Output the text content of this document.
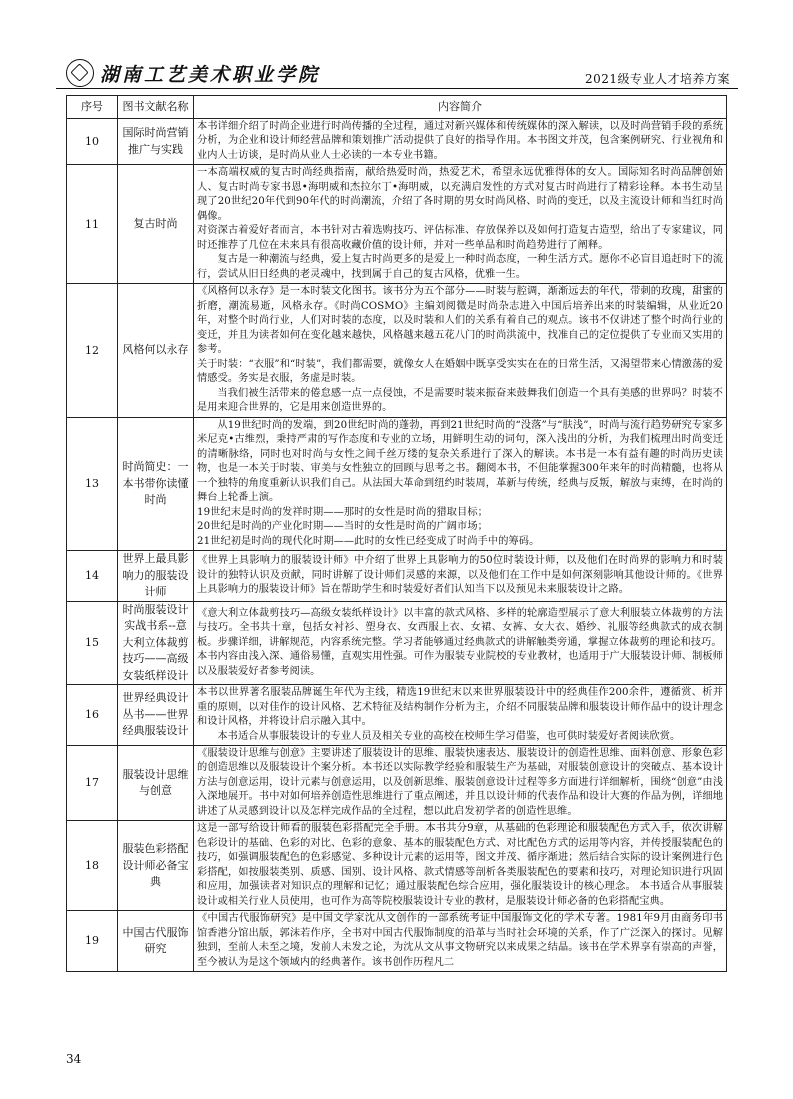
湖南工艺美术职业学院	2021级专业人才培养方案
序号	图书文献名称	内容简介
10	国际时尚营销推广与实践	本书详细介绍了时尚企业进行时尚传播的全过程，通过对新兴媒体和传统媒体的深入解读，以及时尚营销手段的系统分析，为企业和设计师经营品牌和策划推广活动提供了良好的指导作用。本书图文并茂，包含案例研究、行业视角和业内人士访谈，是时尚从业人士必读的一本专业书籍。

11	复古时尚	一本高端权威的复古时尚经典指南，献给热爱时尚，热爱艺术，希望永远优雅得体的女人。国际知名时尚品牌创始人、复古时尚专家书恩•海明威和杰拉尔丁•海明威，以充满启发性的方式对复古时尚进行了精彩诠释。本书生动呈现了20世纪20年代到90年代的时尚潮流，介绍了各时期的男女时尚风格、时尚的变迁，以及主流设计师和当红时尚偶像。

对资深古着爱好者而言，本书针对古着选购技巧、评估标准、存放保养以及如何打造复古造型，给出了专家建议，同时还推荐了几位在未来具有很高收藏价值的设计师，并对一些单品和时尚趋势进行了阐释。

复古是一种潮流与经典，爱上复古时尚更多的是爱上一种时尚态度，一种生活方式。愿你不必盲目追赶时下的流行，尝试从旧日经典的老灵魂中，找到属于自己的复古风格，优雅一生。

12	风格何以永存	《风格何以永存》是一本时装文化图书。该书分为五个部分——时装与腔调，渐渐远去的年代，带刺的玫瑰，甜蜜的折磨，潮流易逝，风格永存。《时尚COSMO》主编刘阅微是时尚杂志进入中国后培养出来的时装编辑，从业近20年，对整个时尚行业，人们对时装的态度，以及时装和人们的关系有着自己的观点。该书不仅讲述了整个时尚行业的变迁，并且为读者如何在变化越来越快，风格越来越五花八门的时尚洪流中，找准自己的定位提供了专业而又实用的参考。

关于时装：“衣服”和“时装”，我们都需要，就像女人在婚姻中既享受实实在在的日常生活，又渴望带来心情激荡的爱情感受。务实是衣服，务虚是时装。

当我们被生活带来的倦怠感一点一点侵蚀，不是需要时装来振奋来鼓舞我们创造一个具有美感的世界吗？时装不是用来迎合世界的，它是用来创造世界的。

13	时尚简史：一本书带你读懂时尚	从19世纪时尚的发端，到20世纪时尚的蓬勃，再到21世纪时尚的“没落”与“肤浅”，时尚与流行趋势研究专家多米尼克•古维烈，秉持严肃的写作态度和专业的立场，用鲜明生动的词句，深入浅出的分析，为我们梳理出时尚变迁的清晰脉络，同时也对时尚与女性之间千丝万缕的复杂关系进行了深入的解读。本书是一本有益有趣的时尚历史读物，也是一本关于时装、审美与女性独立的回顾与思考之书。翻阅本书，不但能掌握300年来年的时尚精髓，也将从一个独特的角度重新认识我们自己。从法国大革命到纽约时装周，革新与传统，经典与反叛，解放与束缚，在时尚的舞台上轮番上演。

19世纪末是时尚的发祥时期——那时的女性是时尚的猎取目标；

20世纪是时尚的产业化时期——当时的女性是时尚的广阔市场；

21世纪初是时尚的现代化时期——此时的女性已经变成了时尚手中的筹码。

14	世界上最具影响力的服装设计师	《世界上具影响力的服装设计师》中介绍了世界上具影响力的50位时装设计师，以及他们在时尚界的影响力和时装设计的独特认识及贡献，同时讲解了设计师们灵感的来源，以及他们在工作中是如何深刻影响其他设计师的。《世界上具影响力的服装设计师》旨在帮助学生和时装爱好者们认知当下以及预见未来服装设计之路。

15	时尚服装设计实战书系--意大利立体裁剪技巧——高级女装纸样设计	《意大利立体裁剪技巧—高级女装纸样设计》以丰富的款式风格、多样的轮廓造型展示了意大利服装立体裁剪的方法与技巧。全书共十章，包括女衬衫、塑身衣、女西服上衣、女裙、女裤、女大衣、婚纱、礼服等经典款式的成衣制板。步骤详细，讲解规范，内容系统完整。学习者能够通过经典款式的讲解触类旁通，掌握立体裁剪的理论和技巧。

本书内容由浅入深、通俗易懂，直观实用性强。可作为服装专业院校的专业教材，也适用于广大服装设计师、制板师以及服装爱好者参考阅读。

16	世界经典设计丛书——世界经典服装设计	本书以世界著名服装品牌诞生年代为主线，精选19世纪末以来世界服装设计中的经典佳作200余件，遵循赏、析并重的原则，以对佳作的设计风格、艺术特征及结构制作分析为主，介绍不同服装品牌和服装设计师作品中的设计理念和设计风格，并将设计启示融入其中。

本书适合从事服装设计的专业人员及相关专业的高校在校师生学习借鉴，也可供时装爱好者阅读欣赏。

17	服装设计思维与创意	《服装设计思维与创意》主要讲述了服装设计的思维、服装快速表达、服装设计的创造性思维、面料创意、形象色彩的创造思维以及服装设计个案分析。本书还以实际教学经验和服装生产为基础，对服装创意设计的突破点、基本设计方法与创意运用，设计元素与创意运用，以及创新思维、服装创意设计过程等多方面进行详细解析，围绕“创意”由浅入深地展开。书中对如何培养创造性思维进行了重点阐述，并且以设计师的代表作品和设计大赛的作品为例，详细地讲述了从灵感到设计以及怎样完成作品的全过程，想以此启发初学者的创造性思维。

18	服装色彩搭配设计师必备宝典	这是一部写给设计师看的服装色彩搭配完全手册。本书共分9章，从基础的色彩理论和服装配色方式入手，依次讲解色彩设计的基础、色彩的对比、色彩的意象、基本的服装配色方式、对比配色方式的运用等内容，并传授服装配色的技巧，如强调服装配色的色彩感觉、多种设计元素的运用等，图文并茂、循序渐进；然后结合实际的设计案例进行色彩搭配，如按服装类别、质感、国别、设计风格、款式情感等剖析各类服装配色的要素和技巧，对理论知识进行巩固和应用，加强读者对知识点的理解和记忆；通过服装配色综合应用，强化服装设计的核心理念。 本书适合从事服装设计或相关行业人员使用，也可作为高等院校服装设计专业的教材，是服装设计师必备的色彩搭配宝典。

19	中国古代服饰研究	《中国古代服饰研究》是中国文学家沈从文创作的一部系统考证中国服饰文化的学术专著。1981年9月由商务印书馆香港分馆出版，郭沫若作序，全书对中国古代服饰制度的沿革与当时社会环境的关系，作了广泛深入的探讨。见解独到，至前人未至之境，发前人未发之论，为沈从文从事文物研究以来成果之结晶。该书在学术界享有崇高的声誉，至今被认为是这个领域内的经典著作。该书创作历程凡二

34
